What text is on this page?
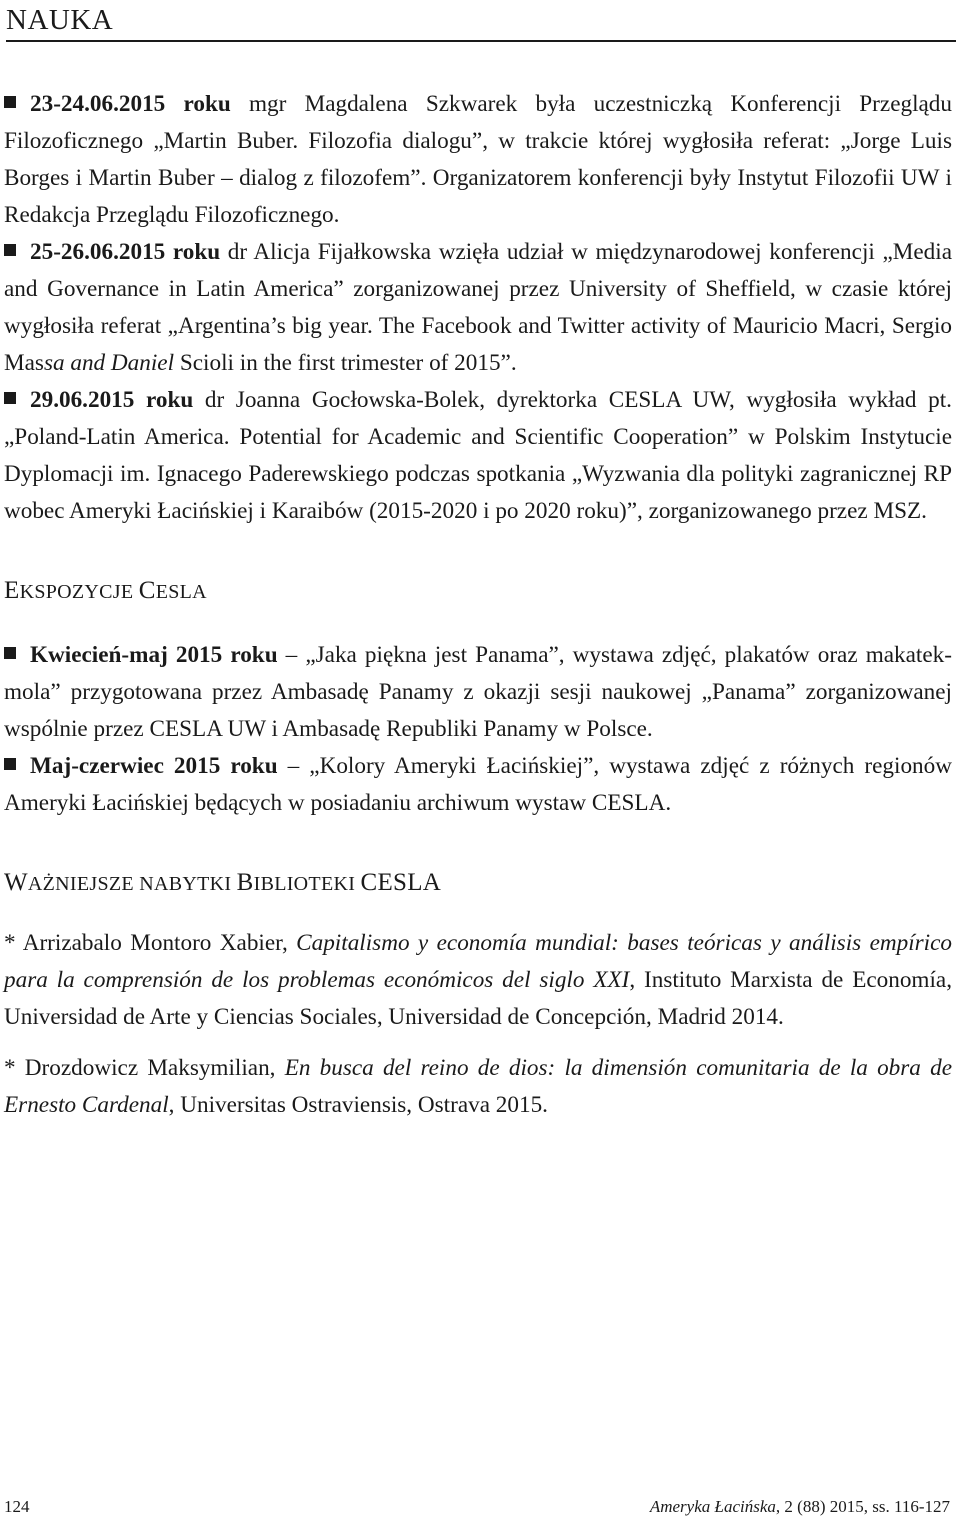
NAUKA

23-24.06.2015 roku mgr Magdalena Szkwarek była uczestniczką Konferencji Przeglądu Filozoficznego „Martin Buber. Filozofia dialogu”, w trakcie której wygłosiła referat: „Jorge Luis Borges i Martin Buber – dialog z filozofem”. Organizatorem konferencji były Instytut Filozofii UW i Redakcja Przeglądu Filozoficznego.

25-26.06.2015 roku dr Alicja Fijałkowska wzięła udział w międzynarodowej konferencji „Media and Governance in Latin America” zorganizowanej przez University of Sheffield, w czasie której wygłosiła referat „Argentina’s big year. The Facebook and Twitter activity of Mauricio Macri, Sergio Massa and Daniel Scioli in the first trimester of 2015”.

29.06.2015 roku dr Joanna Gocłowska-Bolek, dyrektorka CESLA UW, wygłosiła wykład pt. „Poland-Latin America. Potential for Academic and Scientific Cooperation” w Polskim Instytucie Dyplomacji im. Ignacego Paderewskiego podczas spotkania „Wyzwania dla polityki zagranicznej RP wobec Ameryki Łacińskiej i Karaibów (2015-2020 i po 2020 roku)”, zorganizowanego przez MSZ.

EKSPOZYCJE CESLA

Kwiecień-maj 2015 roku – „Jaka piękna jest Panama”, wystawa zdjęć, plakatów oraz makatek-mola” przygotowana przez Ambasadę Panamy z okazji sesji naukowej „Panama” zorganizowanej wspólnie przez CESLA UW i Ambasadę Republiki Panamy w Polsce.

Maj-czerwiec 2015 roku – „Kolory Ameryki Łacińskiej”, wystawa zdjęć z różnych regionów Ameryki Łacińskiej będących w posiadaniu archiwum wystaw CESLA.

WAŻNIEJSZE NABYTKI BIBLIOTEKI CESLA

* Arrizabalo Montoro Xabier, Capitalismo y economía mundial: bases teóricas y análisis empírico para la comprensión de los problemas económicos del siglo XXI, Instituto Marxista de Economía, Universidad de Arte y Ciencias Sociales, Universidad de Concepción, Madrid 2014.

* Drozdowicz Maksymilian, En busca del reino de dios: la dimensión comunitaria de la obra de Ernesto Cardenal, Universitas Ostraviensis, Ostrava 2015.

124	Ameryka Łacińska, 2 (88) 2015, ss. 116-127
